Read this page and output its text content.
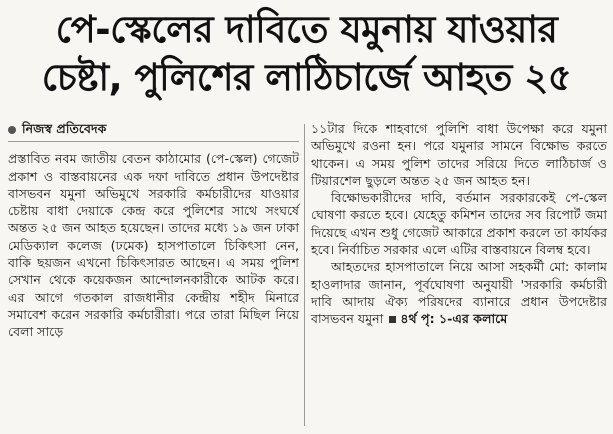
পে-স্কেলের দাবিতে যমুনায় যাওয়ার
চেষ্টা, পুলিশের লাঠিচার্জে আহত ২৫
নিজস্ব প্রতিবেদক

প্রস্তাবিত নবম জাতীয় বেতন কাঠামোর (পে-স্কেল) গেজেট প্রকাশ ও বাস্তবায়নের এক দফা দাবিতে প্রধান উপদেষ্টার বাসভবন যমুনা অভিমুখে সরকারি কর্মচারীদের যাওয়ার চেষ্টায় বাধা দেয়াকে কেন্দ্র করে পুলিশের সাথে সংঘর্ষে অন্তত ২৫ জন আহত হয়েছেন। তাদের মধ্যে ১৯ জন ঢাকা মেডিক্যাল কলেজ (ঢমেক) হাসপাতালে চিকিৎসা নেন, বাকি ছয়জন এখনো চিকিৎসারত আছেন। এ সময় পুলিশ সেখান থেকে কয়েকজন আন্দোলনকারীকে আটক করে। এর আগে গতকাল রাজধানীর কেন্দ্রীয় শহীদ মিনারে সমাবেশ করেন সরকারি কর্মচারীরা। পরে তারা মিছিল নিয়ে বেলা সাড়ে

১১টার দিকে শাহবাগে পুলিশি বাধা উপেক্ষা করে যমুনা অভিমুখে রওনা হন। পরে যমুনার সামনে বিক্ষোভ করতে থাকেন। এ সময় পুলিশ তাদের সরিয়ে দিতে লাঠিচার্জ ও টিয়ারশেল ছুড়লে অন্তত ২৫ জন আহত হন।

বিক্ষোভকারীদের দাবি, বর্তমান সরকারকেই পে-স্কেল ঘোষণা করতে হবে। যেহেতু কমিশন তাদের সব রিপোর্ট জমা দিয়েছে এখন শুধু গেজেট আকারে প্রকাশ করলে তা কার্যকর হবে। নির্বাচিত সরকার এলে এটির বাস্তবায়নে বিলম্ব হবে।

আহতদের হাসপাতালে নিয়ে আসা সহকর্মী মো: কালাম হাওলাদার জানান, পূর্বঘোষণা অনুযায়ী 'সরকারি কর্মচারী দাবি আদায় ঐক্য পরিষদের ব্যানারে প্রধান উপদেষ্টার বাসভবন যমুনা ৪র্থ পৃ: ১-এর কলামে
